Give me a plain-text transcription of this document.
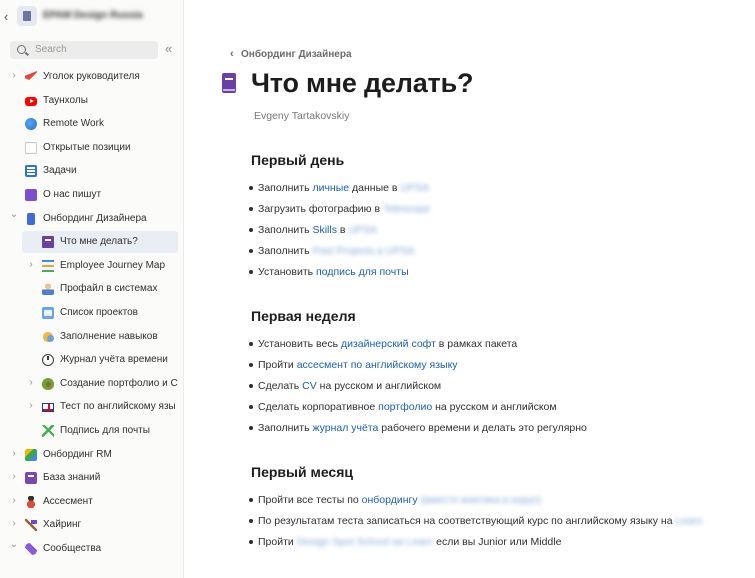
‹	EPAM Design Russia
Search	«
›	Уголок руководителя
Таунхолы
Remote Work
Открытые позиции
Задачи
О нас пишут
⌄ Онбординг Дизайнера
Что мне делать?
›	Employee Journey Map
Профайл в системах
Список проектов
Заполнение навыков
Журнал учёта времени
›	Создание портфолио и C
›	Тест по английскому язы
Подпись для почты
›	Онбординг RM
›	База знаний
›	Ассесмент
›	Хайринг
⌄ Сообщества
‹ Онбординг Дизайнера
Что мне делать?
Evgeny Tartakovskiy
Первый день
Заполнить личные данные в UPSA
Загрузить фотографию в Telescope
Заполнить Skills в UPSA
Заполнить Past Projects в UPSA
Установить подпись для почты
Первая неделя
Установить весь дизайнерский софт в рамках пакета
Пройти ассесмент по английскому языку
Сделать CV на русском и английском
Сделать корпоративное портфолио на русском и английском
Заполнить журнал учёта рабочего времени и делать это регулярно
Первый месяц
Пройти все тесты по онбордингу (вместе внитика в корус)
По результатам теста записаться на соответствующий курс по английскому языку на Learn
Пройти Design Spot School на Learn если вы Junior или Middle
